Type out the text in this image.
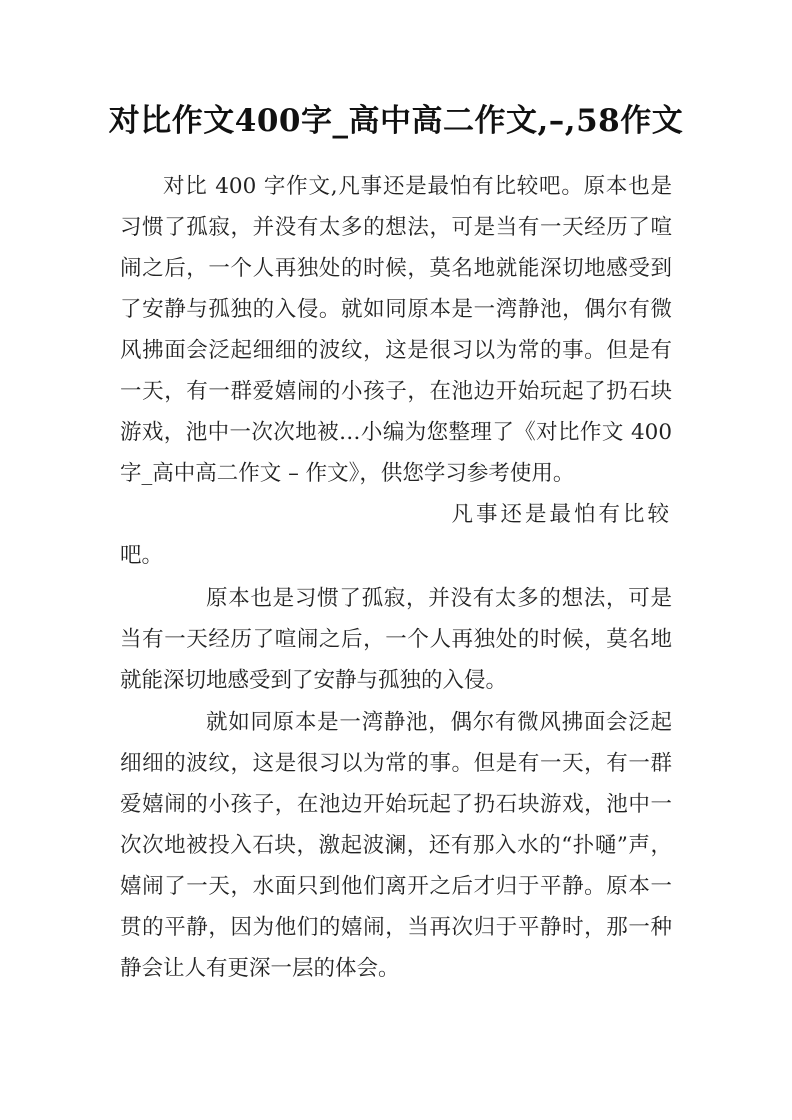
对比作文400字_高中高二作文,–,58作文
对比 400 字作文,凡事还是最怕有比较吧。原本也是习惯了孤寂，并没有太多的想法，可是当有一天经历了喧闹之后，一个人再独处的时候，莫名地就能深切地感受到了安静与孤独的入侵。就如同原本是一湾静池，偶尔有微风拂面会泛起细细的波纹，这是很习以为常的事。但是有一天，有一群爱嬉闹的小孩子，在池边开始玩起了扔石块游戏，池中一次次地被…小编为您整理了《对比作文 400 字_高中高二作文 – 作文》，供您学习参考使用。
凡事还是最怕有比较
吧。
原本也是习惯了孤寂，并没有太多的想法，可是当有一天经历了喧闹之后，一个人再独处的时候，莫名地就能深切地感受到了安静与孤独的入侵。
就如同原本是一湾静池，偶尔有微风拂面会泛起细细的波纹，这是很习以为常的事。但是有一天，有一群爱嬉闹的小孩子，在池边开始玩起了扔石块游戏，池中一次次地被投入石块，激起波澜，还有那入水的“扑嗵”声，嬉闹了一天，水面只到他们离开之后才归于平静。原本一贯的平静，因为他们的嬉闹，当再次归于平静时，那一种静会让人有更深一层的体会。
